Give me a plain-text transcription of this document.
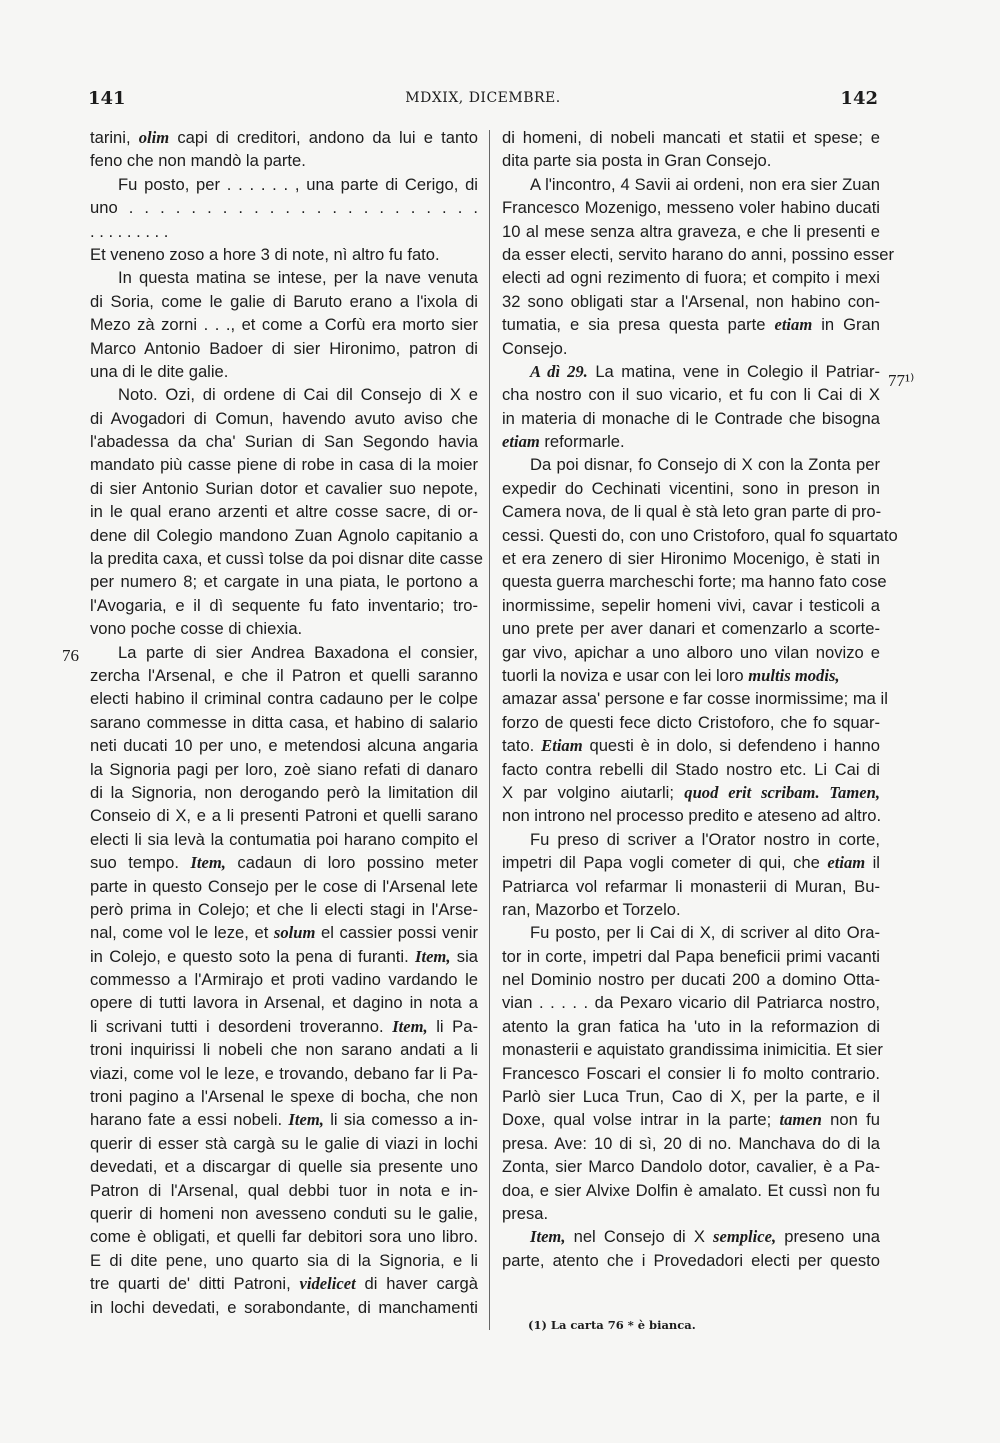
141	MDXIX, DICEMBRE.	142
tarini, olim capi di creditori, andono da lui e tanto
feno che non mandò la parte.
Fu posto, per . . . . . . , una parte di Cerigo, di
uno . . . . . . . . . . . . . . . . . . . . . . .
. . . . . . . . .
Et veneno zoso a hore 3 di note, nì altro fu fato.
In questa matina se intese, per la nave venuta
di Soria, come le galie di Baruto erano a l'ixola di
Mezo zà zorni . . ., et come a Corfù era morto sier
Marco Antonio Badoer di sier Hironimo, patron di
una di le dite galie.
Noto. Ozi, di ordene di Cai dil Consejo di X e
di Avogadori di Comun, havendo avuto aviso che
l'abadessa da cha' Surian di San Segondo havia
mandato più casse piene di robe in casa di la moier
di sier Antonio Surian dotor et cavalier suo nepote,
in le qual erano arzenti et altre cosse sacre, di or-
dene dil Colegio mandono Zuan Agnolo capitanio a
la predita caxa, et cussì tolse da poi disnar dite casse
per numero 8; et cargate in una piata, le portono a
l'Avogaria, e il dì sequente fu fato inventario; tro-
vono poche cosse di chiexia.
La parte di sier Andrea Baxadona el consier,
zercha l'Arsenal, e che il Patron et quelli saranno
electi habino il criminal contra cadauno per le colpe
sarano commesse in ditta casa, et habino di salario
neti ducati 10 per uno, e metendosi alcuna angaria
la Signoria pagi per loro, zoè siano refati di danaro
di la Signoria, non derogando però la limitation dil
Conseio di X, e a li presenti Patroni et quelli sarano
electi li sia levà la contumatia poi harano compito el
suo tempo. Item, cadaun di loro possino meter
parte in questo Consejo per le cose di l'Arsenal lete
però prima in Colejo; et che li electi stagi in l'Arse-
nal, come vol le leze, et solum el cassier possi venir
in Colejo, e questo soto la pena di furanti. Item, sia
commesso a l'Armirajo et proti vadino vardando le
opere di tutti lavora in Arsenal, et dagino in nota a
li scrivani tutti i desordeni troveranno. Item, li Pa-
troni inquirissi li nobeli che non sarano andati a li
viazi, come vol le leze, e trovando, debano far li Pa-
troni pagino a l'Arsenal le spexe di bocha, che non
harano fate a essi nobeli. Item, li sia comesso a in-
querir di esser stà cargà su le galie di viazi in lochi
devedati, et a discargar di quelle sia presente uno
Patron di l'Arsenal, qual debbi tuor in nota e in-
querir di homeni non avesseno conduti su le galie,
come è obligati, et quelli far debitori sora uno libro.
E di dite pene, uno quarto sia di la Signoria, e li
tre quarti de' ditti Patroni, videlicet di haver cargà
in lochi devedati, e sorabondante, di manchamenti
di homeni, di nobeli mancati et statii et spese; e
dita parte sia posta in Gran Consejo.
A l'incontro, 4 Savii ai ordeni, non era sier Zuan
Francesco Mozenigo, messeno voler habino ducati
10 al mese senza altra graveza, e che li presenti e
da esser electi, servito harano do anni, possino esser
electi ad ogni rezimento di fuora; et compito i mexi
32 sono obligati star a l'Arsenal, non habino con-
tumatia, e sia presa questa parte etiam in Gran
Consejo.
A dì 29. La matina, vene in Colegio il Patriar-
cha nostro con il suo vicario, et fu con li Cai di X
in materia di monache di le Contrade che bisogna
etiam reformarle.
Da poi disnar, fo Consejo di X con la Zonta per
expedir do Cechinati vicentini, sono in preson in
Camera nova, de li qual è stà leto gran parte di pro-
cessi. Questi do, con uno Cristoforo, qual fo squartato
et era zenero di sier Hironimo Mocenigo, è stati in
questa guerra marcheschi forte; ma hanno fato cose
inormissime, sepelir homeni vivi, cavar i testicoli a
uno prete per aver danari et comenzarlo a scorte-
gar vivo, apichar a uno alboro uno vilan novizo e
tuorli la noviza e usar con lei loro multis modis,
amazar assa' persone e far cosse inormissime; ma il
forzo de questi fece dicto Cristoforo, che fo squar-
tato. Etiam questi è in dolo, si defendeno i hanno
facto contra rebelli dil Stado nostro etc. Li Cai di
X par volgino aiutarli; quod erit scribam. Tamen,
non introno nel processo predito e ateseno ad altro.
Fu preso di scriver a l'Orator nostro in corte,
impetri dil Papa vogli cometer di qui, che etiam il
Patriarca vol refarmar li monasterii di Muran, Bu-
ran, Mazorbo et Torzelo.
Fu posto, per li Cai di X, di scriver al dito Ora-
tor in corte, impetri dal Papa beneficii primi vacanti
nel Dominio nostro per ducati 200 a domino Otta-
vian . . . . . da Pexaro vicario dil Patriarca nostro,
atento la gran fatica ha 'uto in la reformazion di
monasterii e aquistato grandissima inimicitia. Et sier
Francesco Foscari el consier li fo molto contrario.
Parlò sier Luca Trun, Cao di X, per la parte, e il
Doxe, qual volse intrar in la parte; tamen non fu
presa. Ave: 10 di sì, 20 di no. Manchava do di la
Zonta, sier Marco Dandolo dotor, cavalier, è a Pa-
doa, e sier Alvixe Dolfin è amalato. Et cussì non fu
presa.
Item, nel Consejo di X semplice, preseno una
parte, atento che i Provedadori electi per questo
76
77¹⁾
(1) La carta 76 * è bianca.
